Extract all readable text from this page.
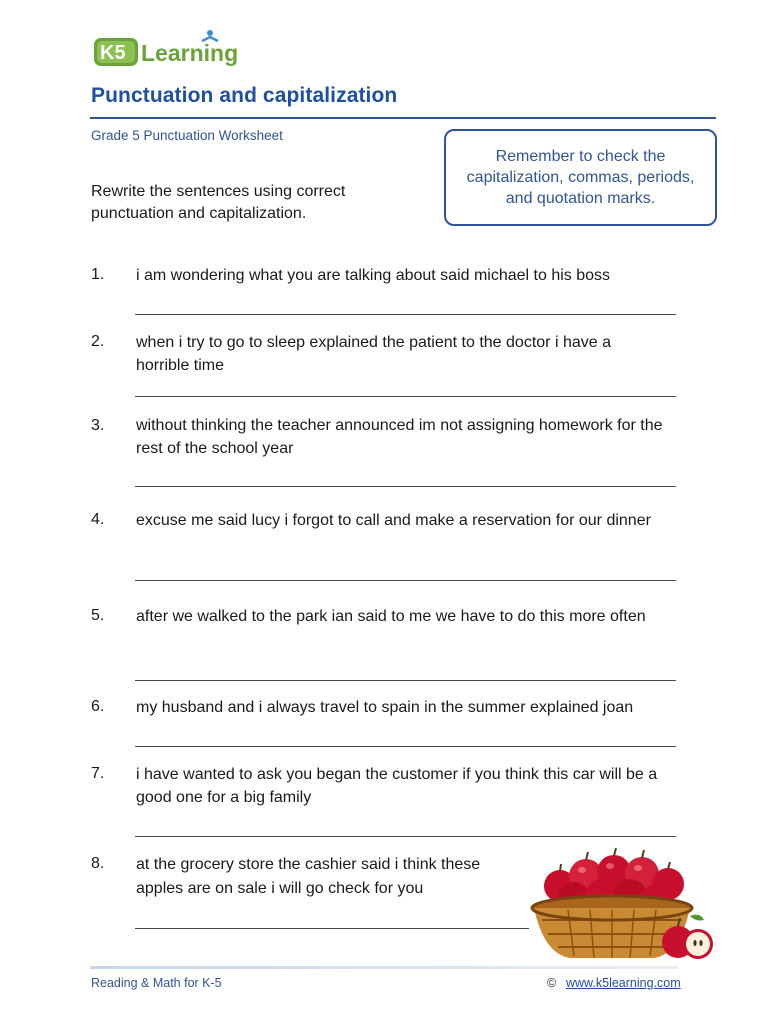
K5 Learning
Punctuation and capitalization
Grade 5 Punctuation Worksheet
Remember to check the capitalization, commas, periods, and quotation marks.
Rewrite the sentences using correct punctuation and capitalization.
1. i am wondering what you are talking about said michael to his boss
2. when i try to go to sleep explained the patient to the doctor i have a horrible time
3. without thinking the teacher announced im not assigning homework for the rest of the school year
4. excuse me said lucy i forgot to call and make a reservation for our dinner
5. after we walked to the park ian said to me we have to do this more often
6. my husband and i always travel to spain in the summer explained joan
7. i have wanted to ask you began the customer if you think this car will be a good one for a big family
8. at the grocery store the cashier said i think these apples are on sale i will go check for you
Reading & Math for K-5	© www.k5learning.com
